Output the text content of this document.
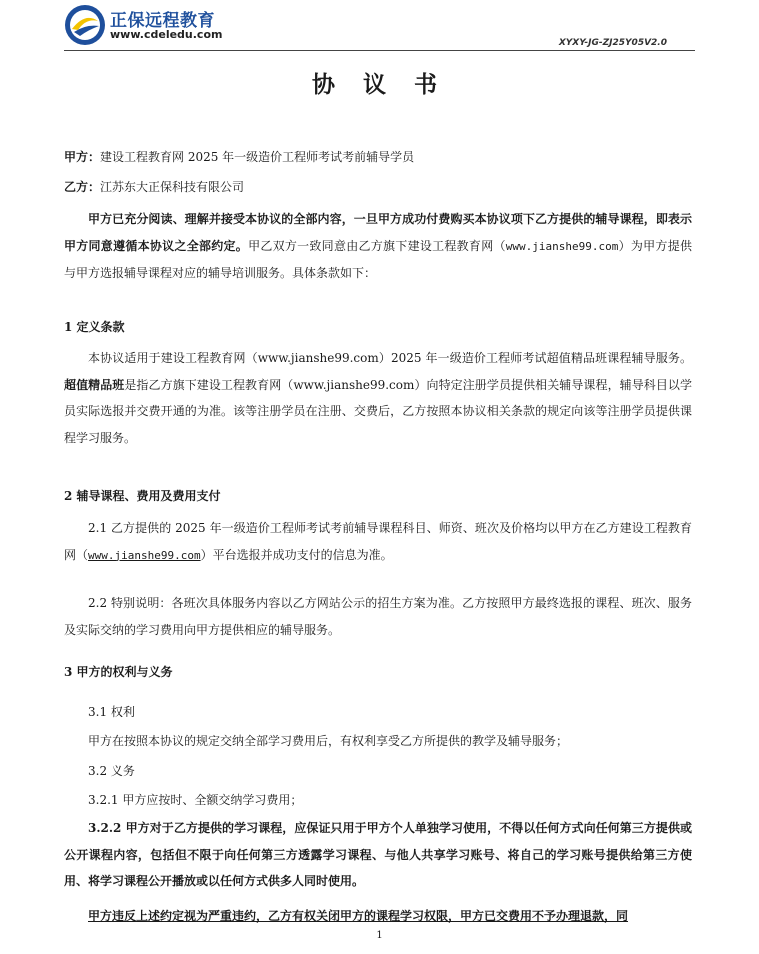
正保远程教育
www.cdeledu.com
XYXY-JG-ZJ25Y05V2.0
协 议 书
甲方：建设工程教育网 2025 年一级造价工程师考试考前辅导学员
乙方：江苏东大正保科技有限公司
甲方已充分阅读、理解并接受本协议的全部内容，一旦甲方成功付费购买本协议项下乙方提供的辅导课程，即表示甲方同意遵循本协议之全部约定。甲乙双方一致同意由乙方旗下建设工程教育网（www.jianshe99.com）为甲方提供与甲方选报辅导课程对应的辅导培训服务。具体条款如下：
1 定义条款
本协议适用于建设工程教育网（www.jianshe99.com）2025 年一级造价工程师考试超值精品班课程辅导服务。超值精品班是指乙方旗下建设工程教育网（www.jianshe99.com）向特定注册学员提供相关辅导课程，辅导科目以学员实际选报并交费开通的为准。该等注册学员在注册、交费后，乙方按照本协议相关条款的规定向该等注册学员提供课程学习服务。
2 辅导课程、费用及费用支付
2.1 乙方提供的 2025 年一级造价工程师考试考前辅导课程科目、师资、班次及价格均以甲方在乙方建设工程教育网（www.jianshe99.com）平台选报并成功支付的信息为准。
2.2 特别说明：各班次具体服务内容以乙方网站公示的招生方案为准。乙方按照甲方最终选报的课程、班次、服务及实际交纳的学习费用向甲方提供相应的辅导服务。
3 甲方的权利与义务
3.1 权利
甲方在按照本协议的规定交纳全部学习费用后，有权利享受乙方所提供的教学及辅导服务；
3.2 义务
3.2.1 甲方应按时、全额交纳学习费用；
3.2.2 甲方对于乙方提供的学习课程，应保证只用于甲方个人单独学习使用，不得以任何方式向任何第三方提供或公开课程内容，包括但不限于向任何第三方透露学习课程、与他人共享学习账号、将自己的学习账号提供给第三方使用、将学习课程公开播放或以任何方式供多人同时使用。
甲方违反上述约定视为严重违约，乙方有权关闭甲方的课程学习权限，甲方已交费用不予办理退款，同
1
